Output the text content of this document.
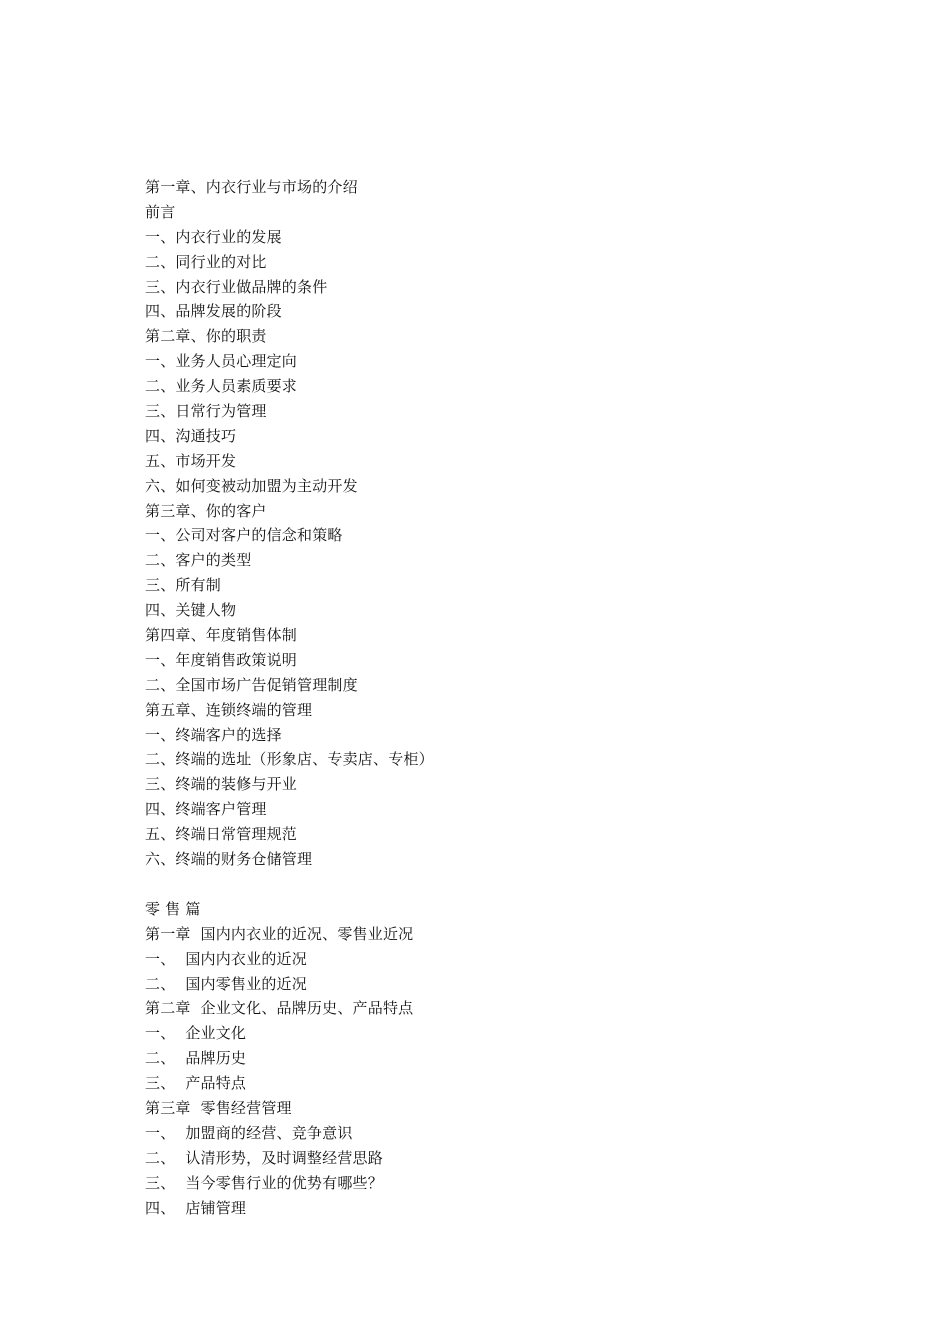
第一章、内衣行业与市场的介绍
前言
一、内衣行业的发展
二、同行业的对比
三、内衣行业做品牌的条件
四、品牌发展的阶段
第二章、你的职责
一、业务人员心理定向
二、业务人员素质要求
三、日常行为管理
四、沟通技巧
五、市场开发
六、如何变被动加盟为主动开发
第三章、你的客户
一、公司对客户的信念和策略
二、客户的类型
三、所有制
四、关键人物
第四章、年度销售体制
一、年度销售政策说明
二、全国市场广告促销管理制度
第五章、连锁终端的管理
一、终端客户的选择
二、终端的选址（形象店、专卖店、专柜）
三、终端的装修与开业
四、终端客户管理
五、终端日常管理规范
六、终端的财务仓储管理
零 售 篇
第一章  国内内衣业的近况、零售业近况
一、  国内内衣业的近况
二、  国内零售业的近况
第二章  企业文化、品牌历史、产品特点
一、  企业文化
二、  品牌历史
三、  产品特点
第三章  零售经营管理
一、  加盟商的经营、竞争意识
二、  认清形势，及时调整经营思路
三、  当今零售行业的优势有哪些？
四、  店铺管理
